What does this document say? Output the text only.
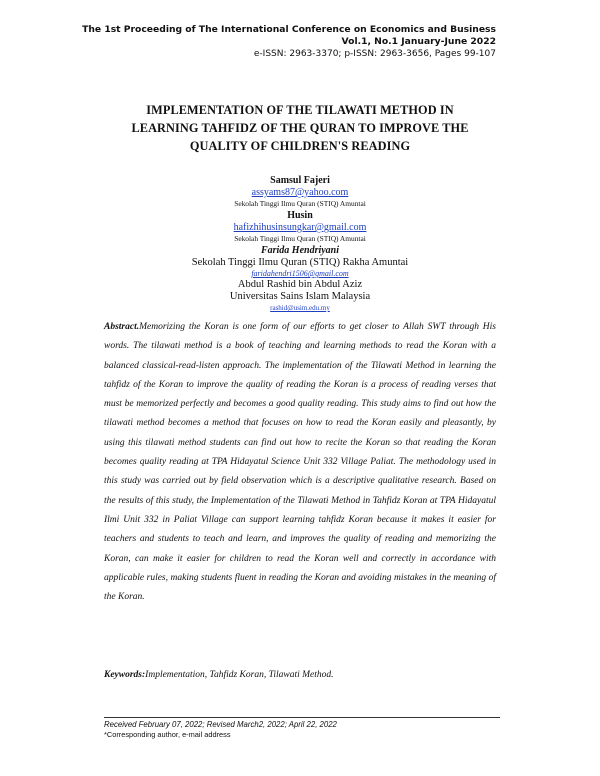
The 1st Proceeding of The International Conference on Economics and Business
Vol.1, No.1 January-June 2022
e-ISSN: 2963-3370; p-ISSN: 2963-3656, Pages 99-107
IMPLEMENTATION OF THE TILAWATI METHOD IN
LEARNING TAHFIDZ OF THE QURAN TO IMPROVE THE
QUALITY OF CHILDREN'S READING
Samsul Fajeri
assyams87@yahoo.com
Sekolah Tinggi Ilmu Quran (STIQ) Amuntai
Husin
hafizhihusinsungkar@gmail.com
Sekolah Tinggi Ilmu Quran (STIQ) Amuntai
Farida Hendriyani
Sekolah Tinggi Ilmu Quran (STIQ) Rakha Amuntai
faridahendri1506@gmail.com
Abdul Rashid bin Abdul Aziz
Universitas Sains Islam Malaysia
rashid@usim.edu.my
Abstract.Memorizing the Koran is one form of our efforts to get closer to Allah SWT through His words. The tilawati method is a book of teaching and learning methods to read the Koran with a balanced classical-read-listen approach. The implementation of the Tilawati Method in learning the tahfidz of the Koran to improve the quality of reading the Koran is a process of reading verses that must be memorized perfectly and becomes a good quality reading. This study aims to find out how the tilawati method becomes a method that focuses on how to read the Koran easily and pleasantly, by using this tilawati method students can find out how to recite the Koran so that reading the Koran becomes quality reading at TPA Hidayatul Science Unit 332 Village Paliat. The methodology used in this study was carried out by field observation which is a descriptive qualitative research. Based on the results of this study, the Implementation of the Tilawati Method in Tahfidz Koran at TPA Hidayatul Ilmi Unit 332 in Paliat Village can support learning tahfidz Koran because it makes it easier for teachers and students to teach and learn, and improves the quality of reading and memorizing the Koran, can make it easier for children to read the Koran well and correctly in accordance with applicable rules, making students fluent in reading the Koran and avoiding mistakes in the meaning of the Koran.
Keywords:Implementation, Tahfidz Koran, Tilawati Method.
Received February 07, 2022; Revised March2, 2022; April 22, 2022
*Corresponding author, e-mail address
